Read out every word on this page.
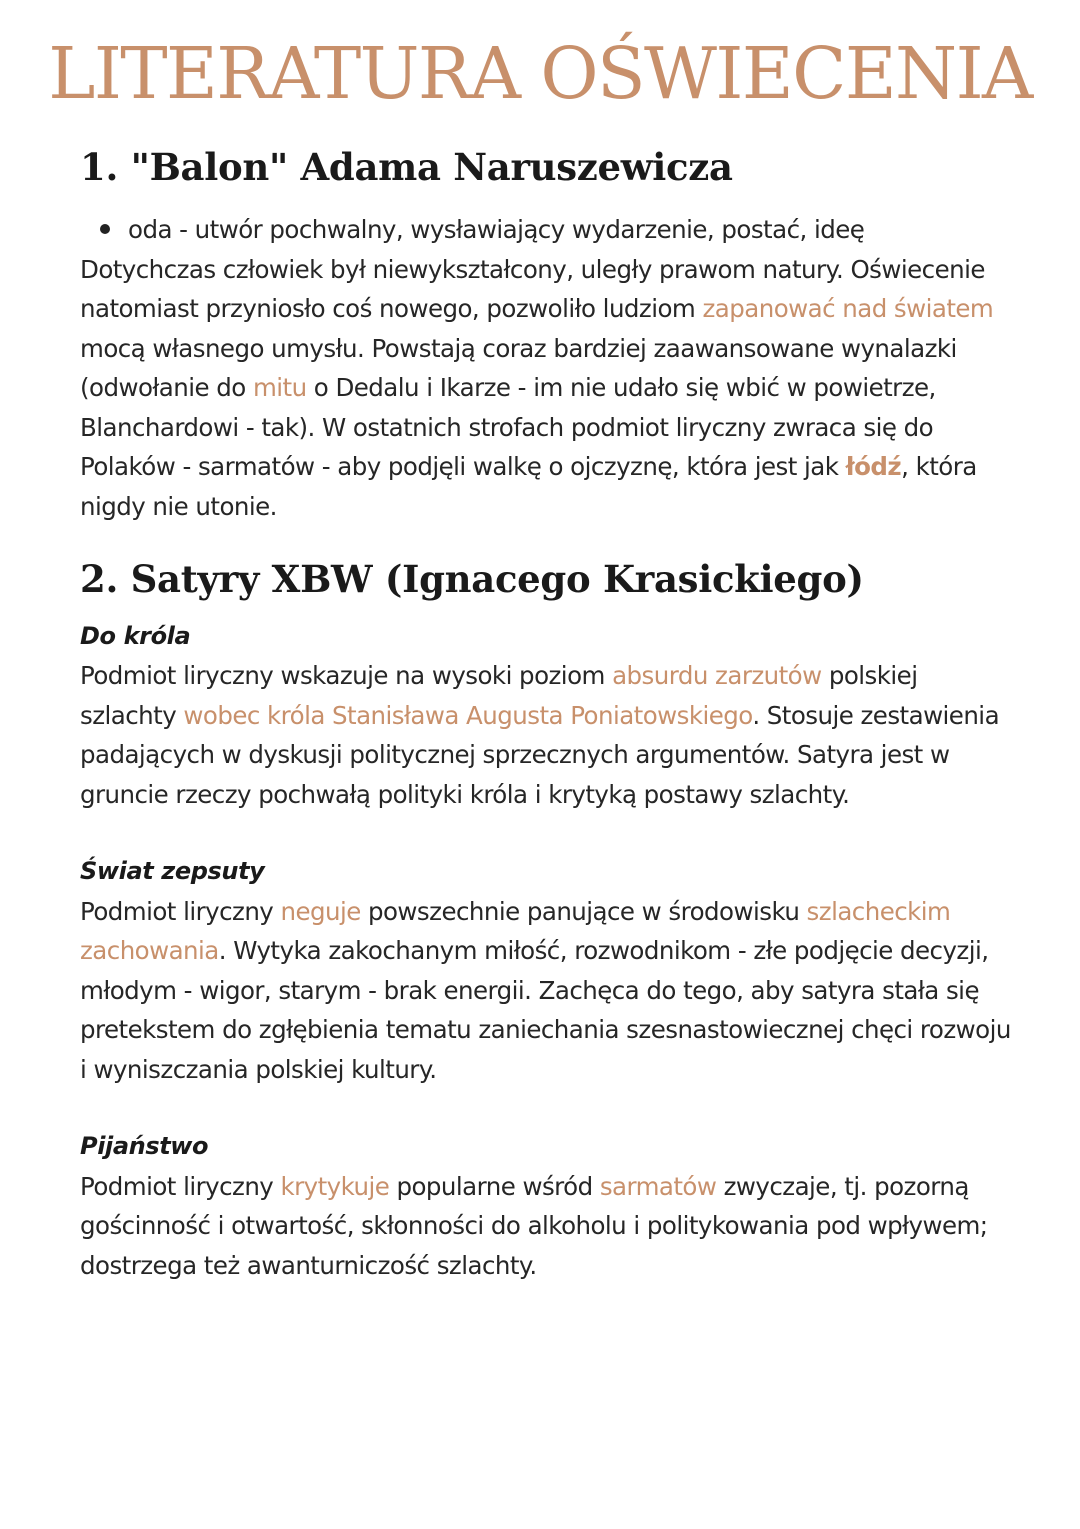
LITERATURA OŚWIECENIA
1. "Balon" Adama Naruszewicza

oda - utwór pochwalny, wysławiający wydarzenie, postać, ideę

Dotychczas człowiek był niewykształcony, uległy prawom natury. Oświecenie natomiast przyniosło coś nowego, pozwoliło ludziom zapanować nad światem mocą własnego umysłu. Powstają coraz bardziej zaawansowane wynalazki (odwołanie do mitu o Dedalu i Ikarze - im nie udało się wbić w powietrze, Blanchardowi - tak). W ostatnich strofach podmiot liryczny zwraca się do Polaków - sarmatów - aby podjęli walkę o ojczyznę, która jest jak łódź, która nigdy nie utonie.

2. Satyry XBW (Ignacego Krasickiego)

Do króla

Podmiot liryczny wskazuje na wysoki poziom absurdu zarzutów polskiej szlachty wobec króla Stanisława Augusta Poniatowskiego. Stosuje zestawienia padających w dyskusji politycznej sprzecznych argumentów. Satyra jest w gruncie rzeczy pochwałą polityki króla i krytyką postawy szlachty.

Świat zepsuty

Podmiot liryczny neguje powszechnie panujące w środowisku szlacheckim zachowania. Wytyka zakochanym miłość, rozwodnikom - złe podjęcie decyzji, młodym - wigor, starym - brak energii. Zachęca do tego, aby satyra stała się pretekstem do zgłębienia tematu zaniechania szesnastowiecznej chęci rozwoju i wyniszczania polskiej kultury.

Pijaństwo

Podmiot liryczny krytykuje popularne wśród sarmatów zwyczaje, tj. pozorną gościnność i otwartość, skłonności do alkoholu i politykowania pod wpływem; dostrzega też awanturniczość szlachty.
